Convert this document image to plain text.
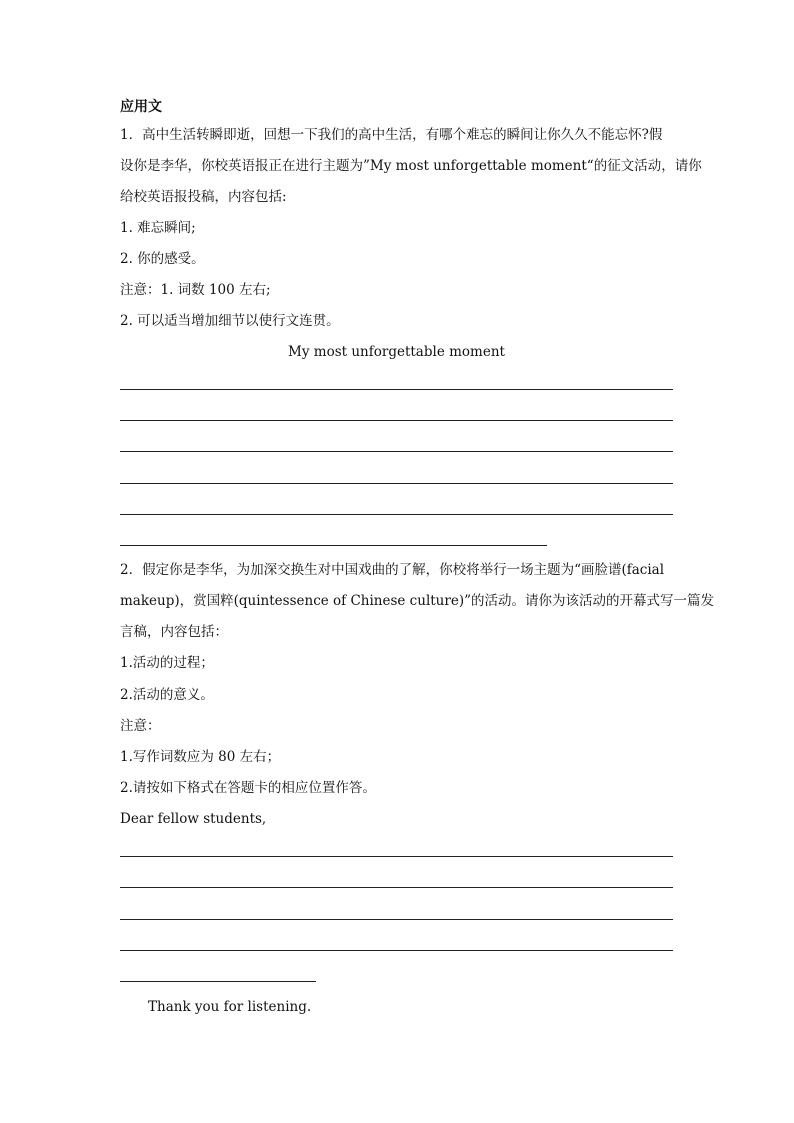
应用文
1．高中生活转瞬即逝，回想一下我们的高中生活，有哪个难忘的瞬间让你久久不能忘怀?假
设你是李华，你校英语报正在进行主题为”My most unforgettable moment“的征文活动，请你
给校英语报投稿，内容包括:
1. 难忘瞬间;
2. 你的感受。
注意：1. 词数 100 左右;
2. 可以适当增加细节以使行文连贯。
My most unforgettable moment
2．假定你是李华，为加深交换生对中国戏曲的了解，你校将举行一场主题为“画脸谱(facial
makeup)，赏国粹(quintessence of Chinese culture)”的活动。请你为该活动的开幕式写一篇发
言稿，内容包括：
1.活动的过程；
2.活动的意义。
注意：
1.写作词数应为 80 左右；
2.请按如下格式在答题卡的相应位置作答。
Dear fellow students,
Thank you for listening.
